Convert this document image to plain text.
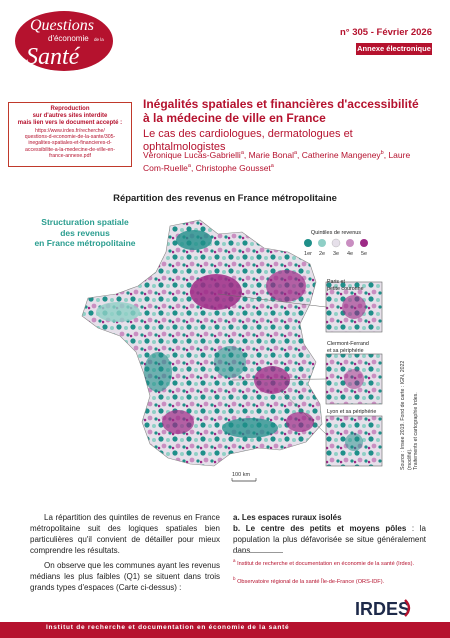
Questions
d'économie de la
Santé
n° 305 - Février 2026
Annexe électronique
Reproduction
sur d'autres sites interdite
mais lien vers le document accepté :
https://www.irdes.fr/recherche/
questions-d-economie-de-la-sante/305-
inegalites-spatiales-et-financieres-d-
accessibilite-a-la-medecine-de-ville-en-
france-annexe.pdf
Inégalités spatiales et financières d'accessibilité
à la médecine de ville en France
Le cas des cardiologues, dermatologues et ophtalmologistes
Véronique Lucas-Gabrielli$^a$, Marie Bonal$^a$, Catherine Mangeney$^b$, Laure Com-Ruelle$^a$, Christophe Gousset$^a$
Répartition des revenus en France métropolitaine
Structuration spatiale
des revenus
en France métropolitaine
Quintiles de revenus
1er	2e	3e	4e	5e
Paris et
petite couronne
Clermont-Ferrand
et sa périphérie
Lyon et sa périphérie	Source : Insee 2019. Fond de carte : IGN, 2022 (modifié). Traitements et cartographie Irdes.
100 km

La répartition des quintiles de revenus en France métropolitaine suit des logiques spatiales bien particulières qu'il convient de détailler pour mieux comprendre les résultats.

On observe que les communes ayant les revenus médians les plus faibles (Q1) se situent dans trois grands types d'espaces (Carte ci-dessus) :

a. Les espaces ruraux isolés
b. Le centre des petits et moyens pôles : la population la plus défavorisée se situe généralement dans
$^a$ Institut de recherche et documentation en économie de la santé (Irdes).
$^b$ Observatoire régional de la santé Île-de-France (ORS-IDF).
IRDES
Institut de recherche et documentation en économie de la santé
